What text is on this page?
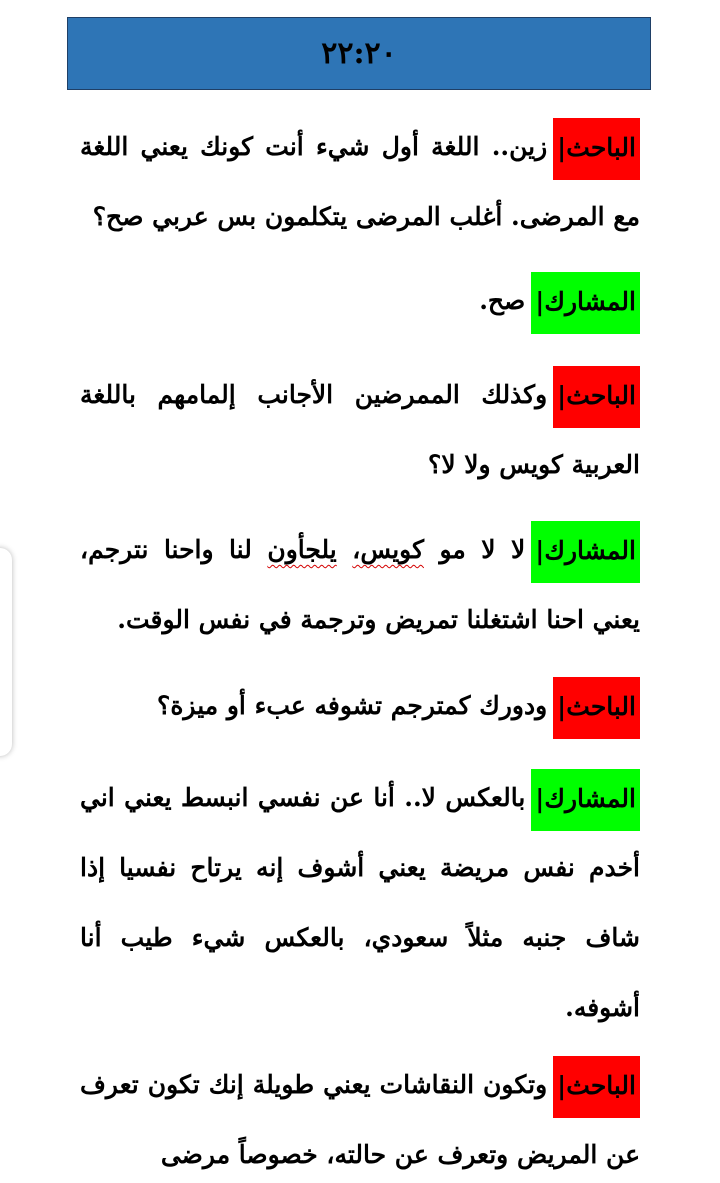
٢٢:٢٠

الباحث|زين.. اللغة أول شيء أنت كونك يعني اللغة مع المرضى. أغلب المرضى يتكلمون بس عربي صح؟

المشارك|صح.

الباحث|وكذلك الممرضين الأجانب إلمامهم باللغة العربية كويس ولا لا؟

المشارك|لا لا مو كويس، يلجأون لنا واحنا نترجم، يعني احنا اشتغلنا تمريض وترجمة في نفس الوقت.

الباحث|ودورك كمترجم تشوفه عبء أو ميزة؟

المشارك|بالعكس لا.. أنا عن نفسي انبسط يعني اني أخدم نفس مريضة يعني أشوف إنه يرتاح نفسيا إذا شاف جنبه مثلاً سعودي، بالعكس شيء طيب أنا أشوفه.

الباحث|وتكون النقاشات يعني طويلة إنك تكون تعرف عن المريض وتعرف عن حالته، خصوصاً مرضى
